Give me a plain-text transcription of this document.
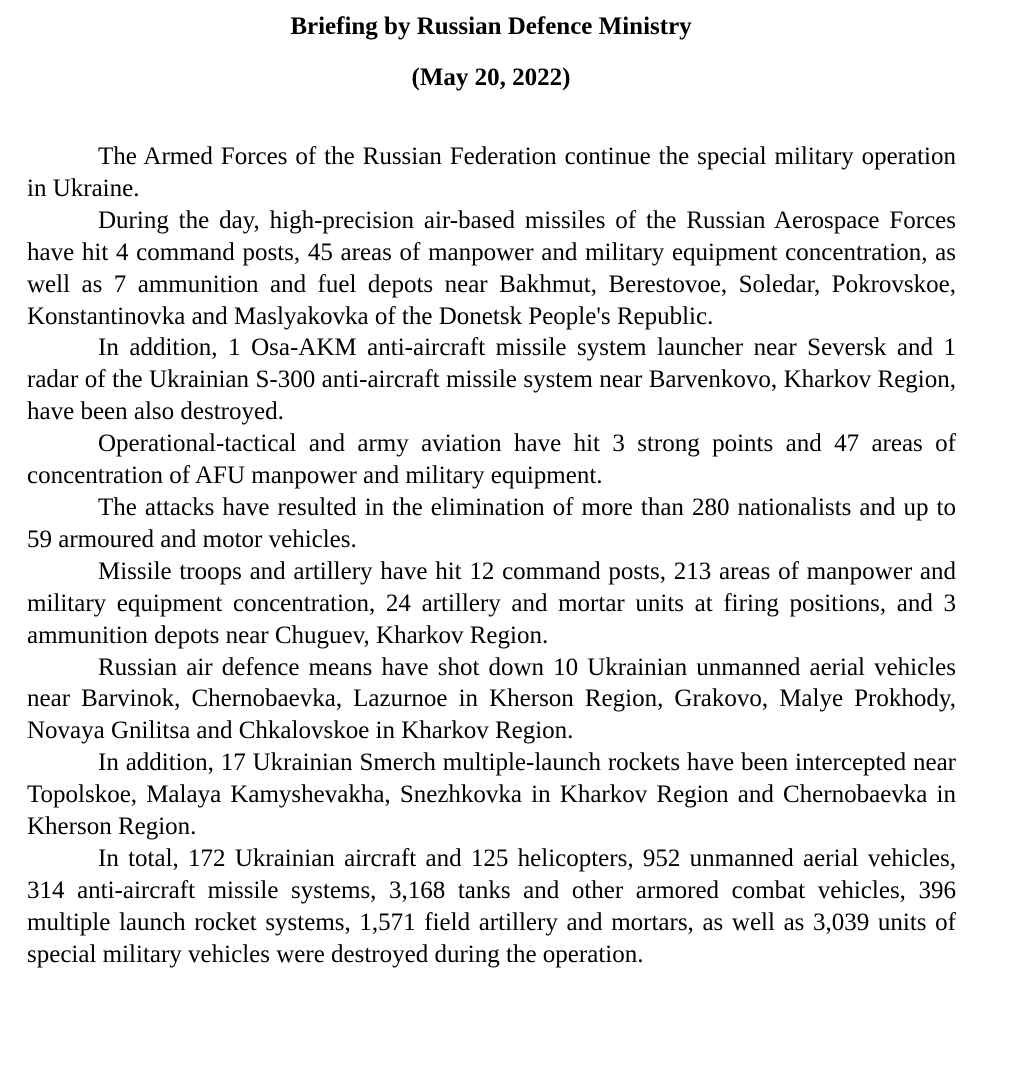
Briefing by Russian Defence Ministry
(May 20, 2022)

The Armed Forces of the Russian Federation continue the special military operation in Ukraine.

During the day, high-precision air-based missiles of the Russian Aerospace Forces have hit 4 command posts, 45 areas of manpower and military equipment concentration, as well as 7 ammunition and fuel depots near Bakhmut, Berestovoe, Soledar, Pokrovskoe, Konstantinovka and Maslyakovka of the Donetsk People's Republic.

In addition, 1 Osa-AKM anti-aircraft missile system launcher near Seversk and 1 radar of the Ukrainian S-300 anti-aircraft missile system near Barvenkovo, Kharkov Region, have been also destroyed.

Operational-tactical and army aviation have hit 3 strong points and 47 areas of concentration of AFU manpower and military equipment.

The attacks have resulted in the elimination of more than 280 nationalists and up to 59 armoured and motor vehicles.

Missile troops and artillery have hit 12 command posts, 213 areas of manpower and military equipment concentration, 24 artillery and mortar units at firing positions, and 3 ammunition depots near Chuguev, Kharkov Region.

Russian air defence means have shot down 10 Ukrainian unmanned aerial vehicles near Barvinok, Chernobaevka, Lazurnoe in Kherson Region, Grakovo, Malye Prokhody, Novaya Gnilitsa and Chkalovskoe in Kharkov Region.

In addition, 17 Ukrainian Smerch multiple-launch rockets have been intercepted near Topolskoe, Malaya Kamyshevakha, Snezhkovka in Kharkov Region and Chernobaevka in Kherson Region.

In total, 172 Ukrainian aircraft and 125 helicopters, 952 unmanned aerial vehicles, 314 anti-aircraft missile systems, 3,168 tanks and other armored combat vehicles, 396 multiple launch rocket systems, 1,571 field artillery and mortars, as well as 3,039 units of special military vehicles were destroyed during the operation.
